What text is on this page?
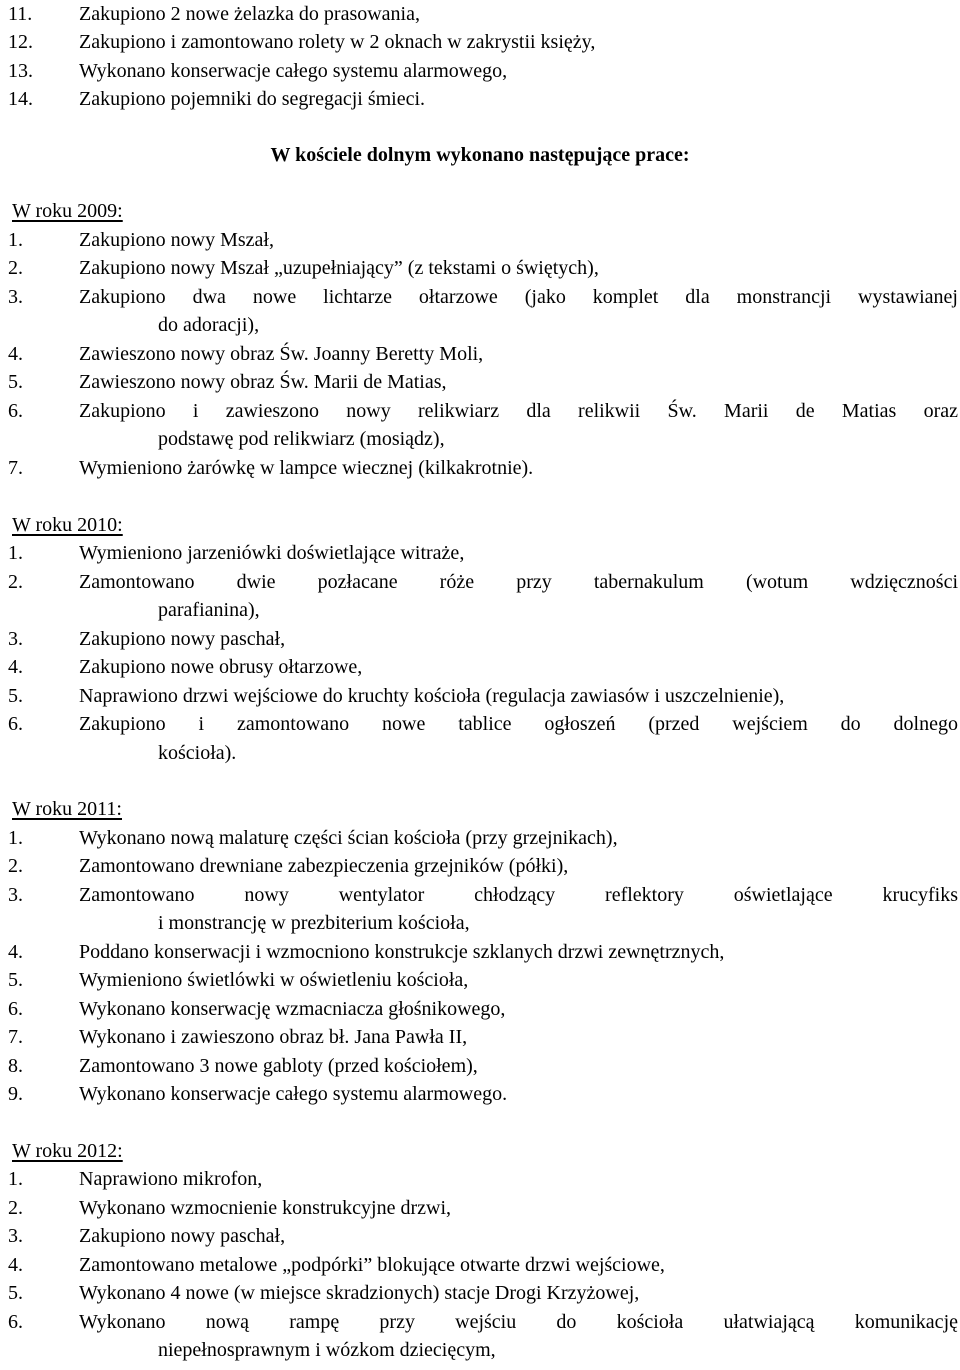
11.	Zakupiono 2 nowe żelazka do prasowania,
12.	Zakupiono i zamontowano rolety w 2 oknach w zakrystii księży,
13.	Wykonano konserwacje całego systemu alarmowego,
14.	Zakupiono pojemniki do segregacji śmieci.
W kościele dolnym wykonano następujące prace:
W roku 2009:
1.	Zakupiono nowy Mszał,
2.	Zakupiono nowy Mszał „uzupełniający” (z tekstami o świętych),
3.	Zakupiono dwa nowe lichtarze ołtarzowe (jako komplet dla monstrancji wystawianej
do adoracji),
4.	Zawieszono nowy obraz Św. Joanny Beretty Moli,
5.	Zawieszono nowy obraz Św. Marii de Matias,
6.	Zakupiono i zawieszono nowy relikwiarz dla relikwii Św. Marii de Matias oraz
podstawę pod relikwiarz (mosiądz),
7.	Wymieniono żarówkę w lampce wiecznej (kilkakrotnie).
W roku 2010:
1.	Wymieniono jarzeniówki doświetlające witraże,
2.	Zamontowano dwie pozłacane róże przy tabernakulum (wotum wdzięczności
parafianina),
3.	Zakupiono nowy paschał,
4.	Zakupiono nowe obrusy ołtarzowe,
5.	Naprawiono drzwi wejściowe do kruchty kościoła (regulacja zawiasów i uszczelnienie),
6.	Zakupiono i zamontowano nowe tablice ogłoszeń (przed wejściem do dolnego
kościoła).
W roku 2011:
1.	Wykonano nową malaturę części ścian kościoła (przy grzejnikach),
2.	Zamontowano drewniane zabezpieczenia grzejników (półki),
3.	Zamontowano nowy wentylator chłodzący reflektory oświetlające krucyfiks
i monstrancję w prezbiterium kościoła,
4.	Poddano konserwacji i wzmocniono konstrukcje szklanych drzwi zewnętrznych,
5.	Wymieniono świetlówki w oświetleniu kościoła,
6.	Wykonano konserwację wzmacniacza głośnikowego,
7.	Wykonano i zawieszono obraz bł. Jana Pawła II,
8.	Zamontowano 3 nowe gabloty (przed kościołem),
9.	Wykonano konserwacje całego systemu alarmowego.
W roku 2012:
1.	Naprawiono mikrofon,
2.	Wykonano wzmocnienie konstrukcyjne drzwi,
3.	Zakupiono nowy paschał,
4.	Zamontowano metalowe „podpórki” blokujące otwarte drzwi wejściowe,
5.	Wykonano 4 nowe (w miejsce skradzionych) stacje Drogi Krzyżowej,
6.	Wykonano nową rampę przy wejściu do kościoła ułatwiającą komunikację
niepełnosprawnym i wózkom dziecięcym,
